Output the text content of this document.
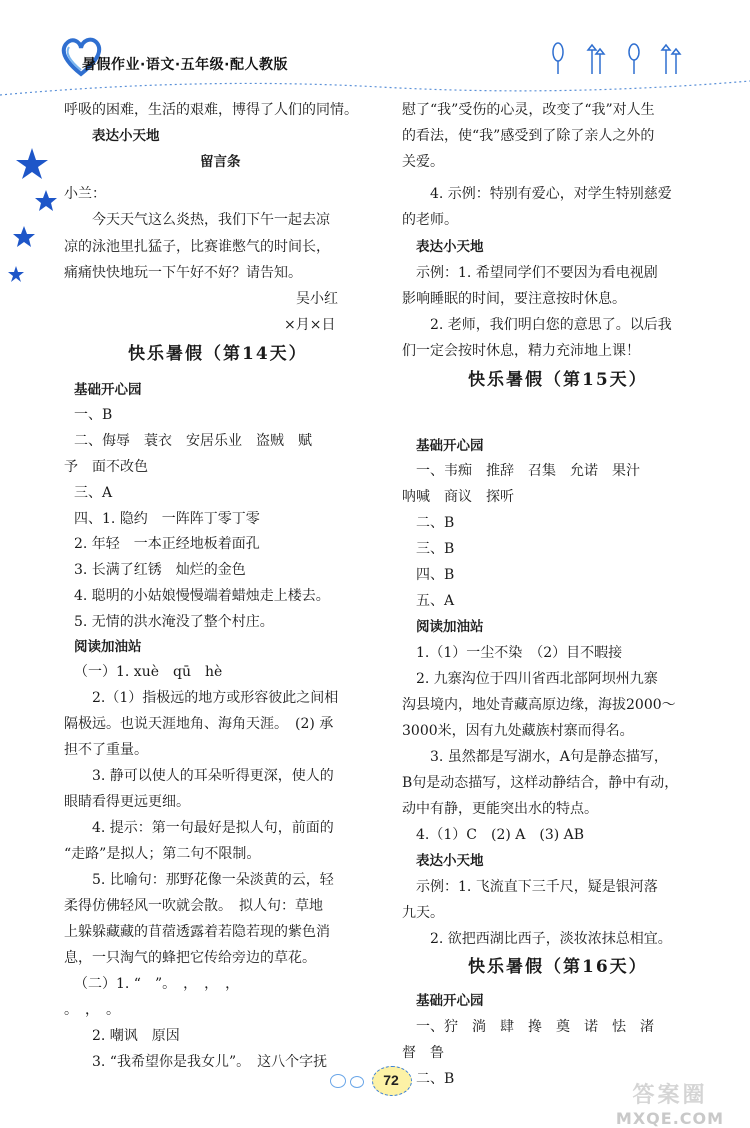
暑假作业·语文·五年级·配人教版
呼吸的困难，生活的艰难，博得了人们的同情。
表达小天地
留言条
小兰：
今天天气这么炎热，我们下午一起去凉
凉的泳池里扎猛子，比赛谁憋气的时间长，
痛痛快快地玩一下午好不好？请告知。
吴小红
×月×日
快乐暑假（第14天）
基础开心园
一、B
二、侮辱　蓑衣　安居乐业　盗贼　赋
予　面不改色
三、A
四、1. 隐约　一阵阵丁零丁零
2. 年轻　一本正经地板着面孔
3. 长满了红锈　灿烂的金色
4. 聪明的小姑娘慢慢端着蜡烛走上楼去。
5. 无情的洪水淹没了整个村庄。
阅读加油站
（一）1. xuè　qū　hè
2.（1）指极远的地方或形容彼此之间相
隔极远。也说天涯地角、海角天涯。　(2) 承
担不了重量。
3. 静可以使人的耳朵听得更深，使人的
眼睛看得更远更细。
4. 提示：第一句最好是拟人句，前面的
“走路”是拟人；第二句不限制。
5. 比喻句：那野花像一朵淡黄的云，轻
柔得仿佛轻风一吹就会散。　拟人句：草地
上躲躲藏藏的苜蓿透露着若隐若现的紫色消
息，一只淘气的蜂把它传给旁边的草花。
（二）1. “　”。　，　，　，
。　，　。
2. 嘲讽　原因
3. “我希望你是我女儿”。　这八个字抚
慰了“我”受伤的心灵，改变了“我”对人生
的看法，使“我”感受到了除了亲人之外的
关爱。
4. 示例：特别有爱心，对学生特别慈爱
的老师。
表达小天地
示例：1. 希望同学们不要因为看电视剧
影响睡眠的时间，要注意按时休息。
2. 老师，我们明白您的意思了。以后我
们一定会按时休息，精力充沛地上课！
快乐暑假（第15天）
基础开心园
一、韦痴　推辞　召集　允诺　果汁
呐喊　商议　探听
二、B
三、B
四、B
五、A
阅读加油站
1.（1）一尘不染　（2）目不暇接
2. 九寨沟位于四川省西北部阿坝州九寨
沟县境内，地处青藏高原边缘，海拔2000～
3000米，因有九处藏族村寨而得名。
3. 虽然都是写湖水，A句是静态描写，
B句是动态描写，这样动静结合，静中有动，
动中有静，更能突出水的特点。
4.（1）C　(2) A　(3) AB
表达小天地
示例：1. 飞流直下三千尺，疑是银河落
九天。
2. 欲把西湖比西子，淡妆浓抹总相宜。
快乐暑假（第16天）
基础开心园
一、狞　淌　肆　搀　奠　诺　怯　渚
督　鲁
二、B
72
答案圈
MXQE.COM
